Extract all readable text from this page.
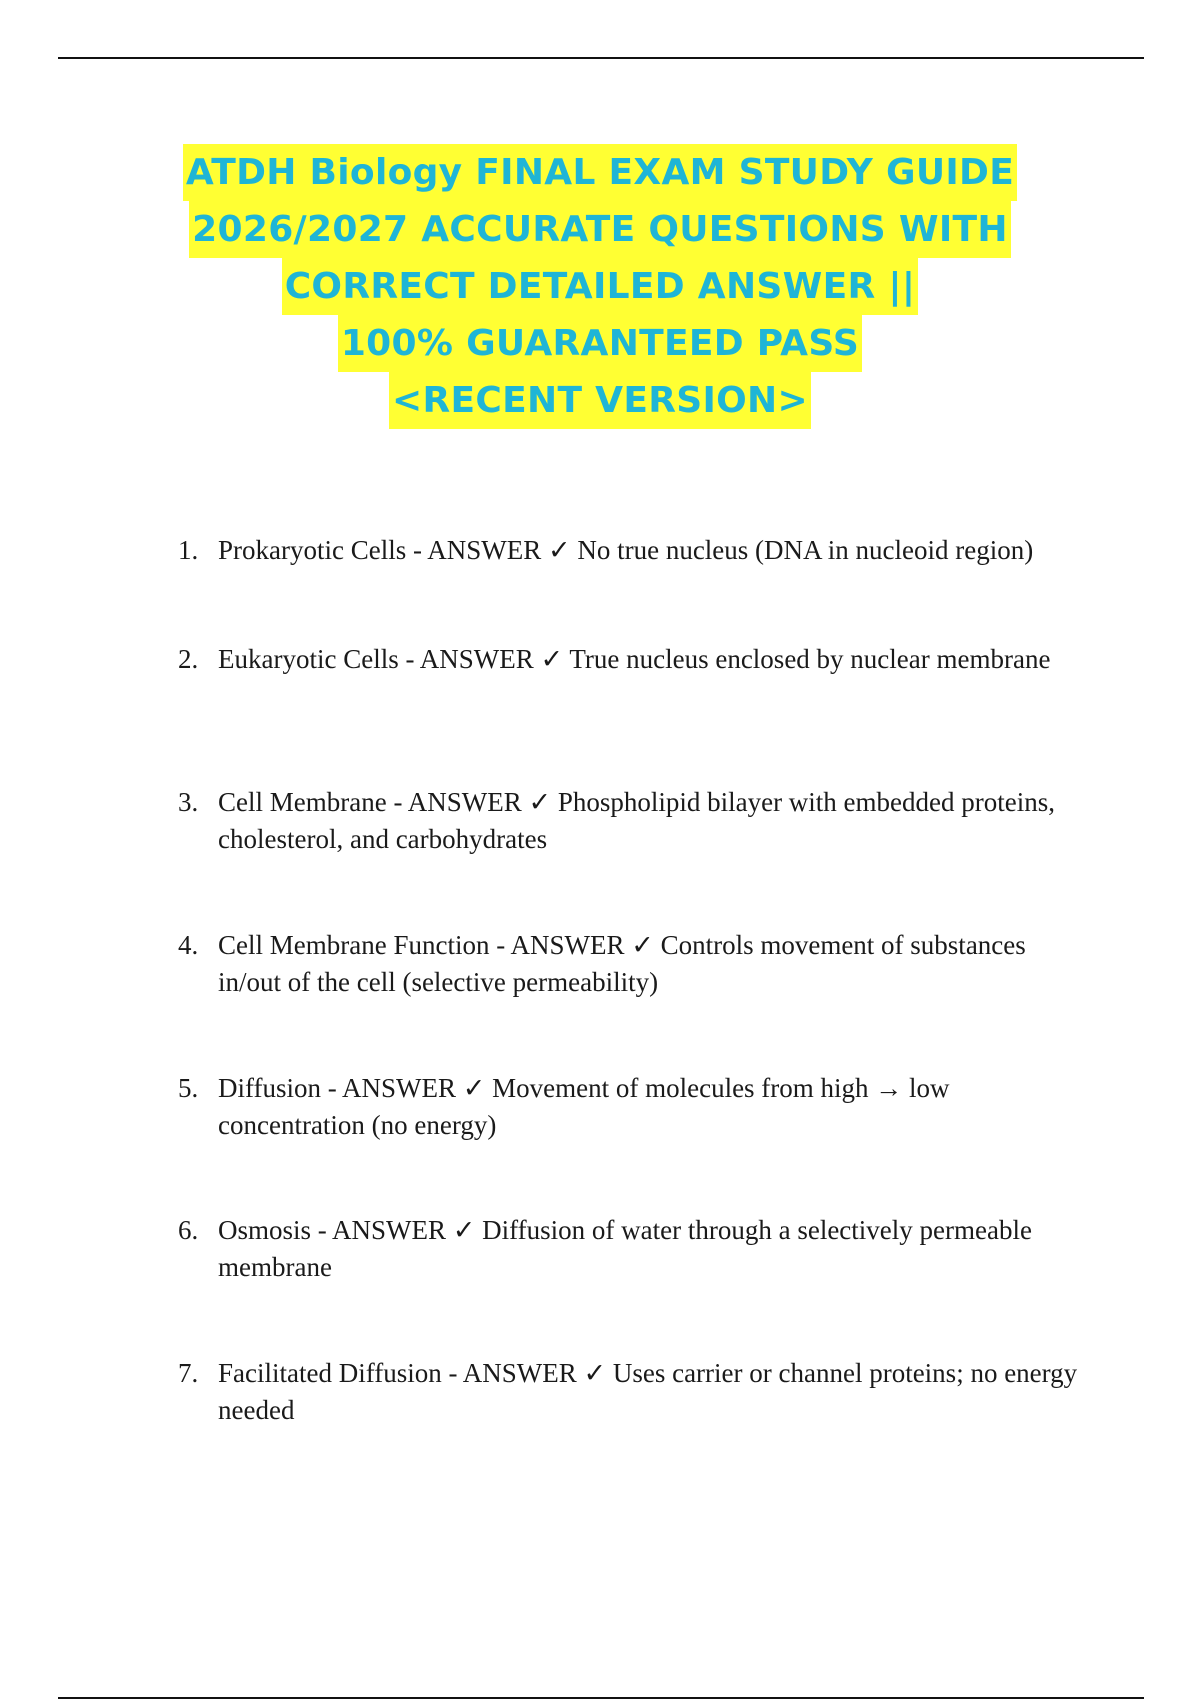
ATDH Biology FINAL EXAM STUDY GUIDE
2026/2027 ACCURATE QUESTIONS WITH
CORRECT DETAILED ANSWER ||
100% GUARANTEED PASS
<RECENT VERSION>
1. Prokaryotic Cells - ANSWER ✓ No true nucleus (DNA in nucleoid region)
2. Eukaryotic Cells - ANSWER ✓ True nucleus enclosed by nuclear membrane
3. Cell Membrane - ANSWER ✓ Phospholipid bilayer with embedded proteins, cholesterol, and carbohydrates
4. Cell Membrane Function - ANSWER ✓ Controls movement of substances in/out of the cell (selective permeability)
5. Diffusion - ANSWER ✓ Movement of molecules from high → low concentration (no energy)
6. Osmosis - ANSWER ✓ Diffusion of water through a selectively permeable membrane
7. Facilitated Diffusion - ANSWER ✓ Uses carrier or channel proteins; no energy needed
